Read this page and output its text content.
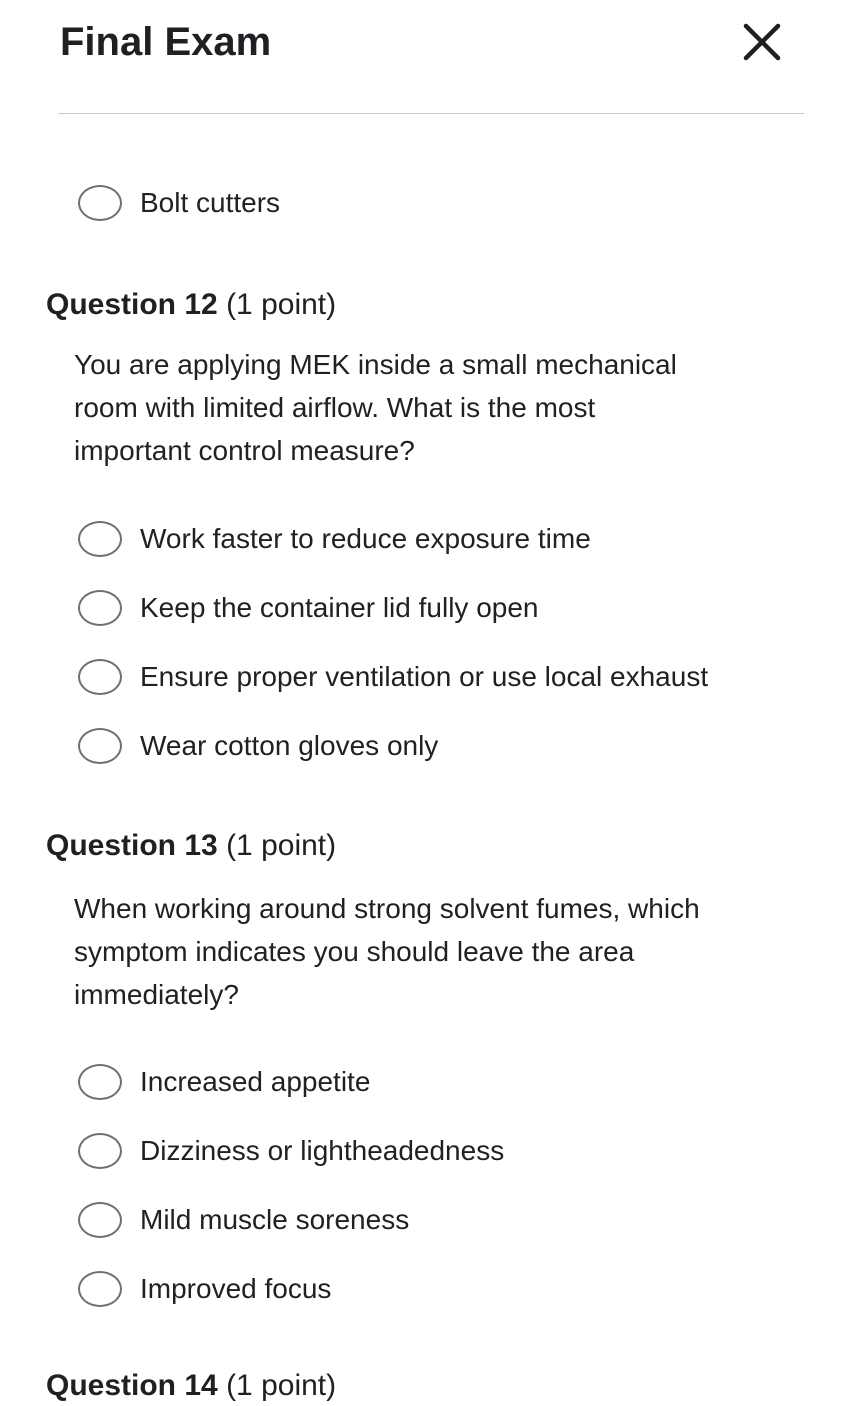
Final Exam
Bolt cutters
Question 12 (1 point)
You are applying MEK inside a small mechanical
room with limited airflow. What is the most
important control measure?
Work faster to reduce exposure time
Keep the container lid fully open
Ensure proper ventilation or use local exhaust
Wear cotton gloves only
Question 13 (1 point)
When working around strong solvent fumes, which
symptom indicates you should leave the area
immediately?
Increased appetite
Dizziness or lightheadedness
Mild muscle soreness
Improved focus
Question 14 (1 point)
